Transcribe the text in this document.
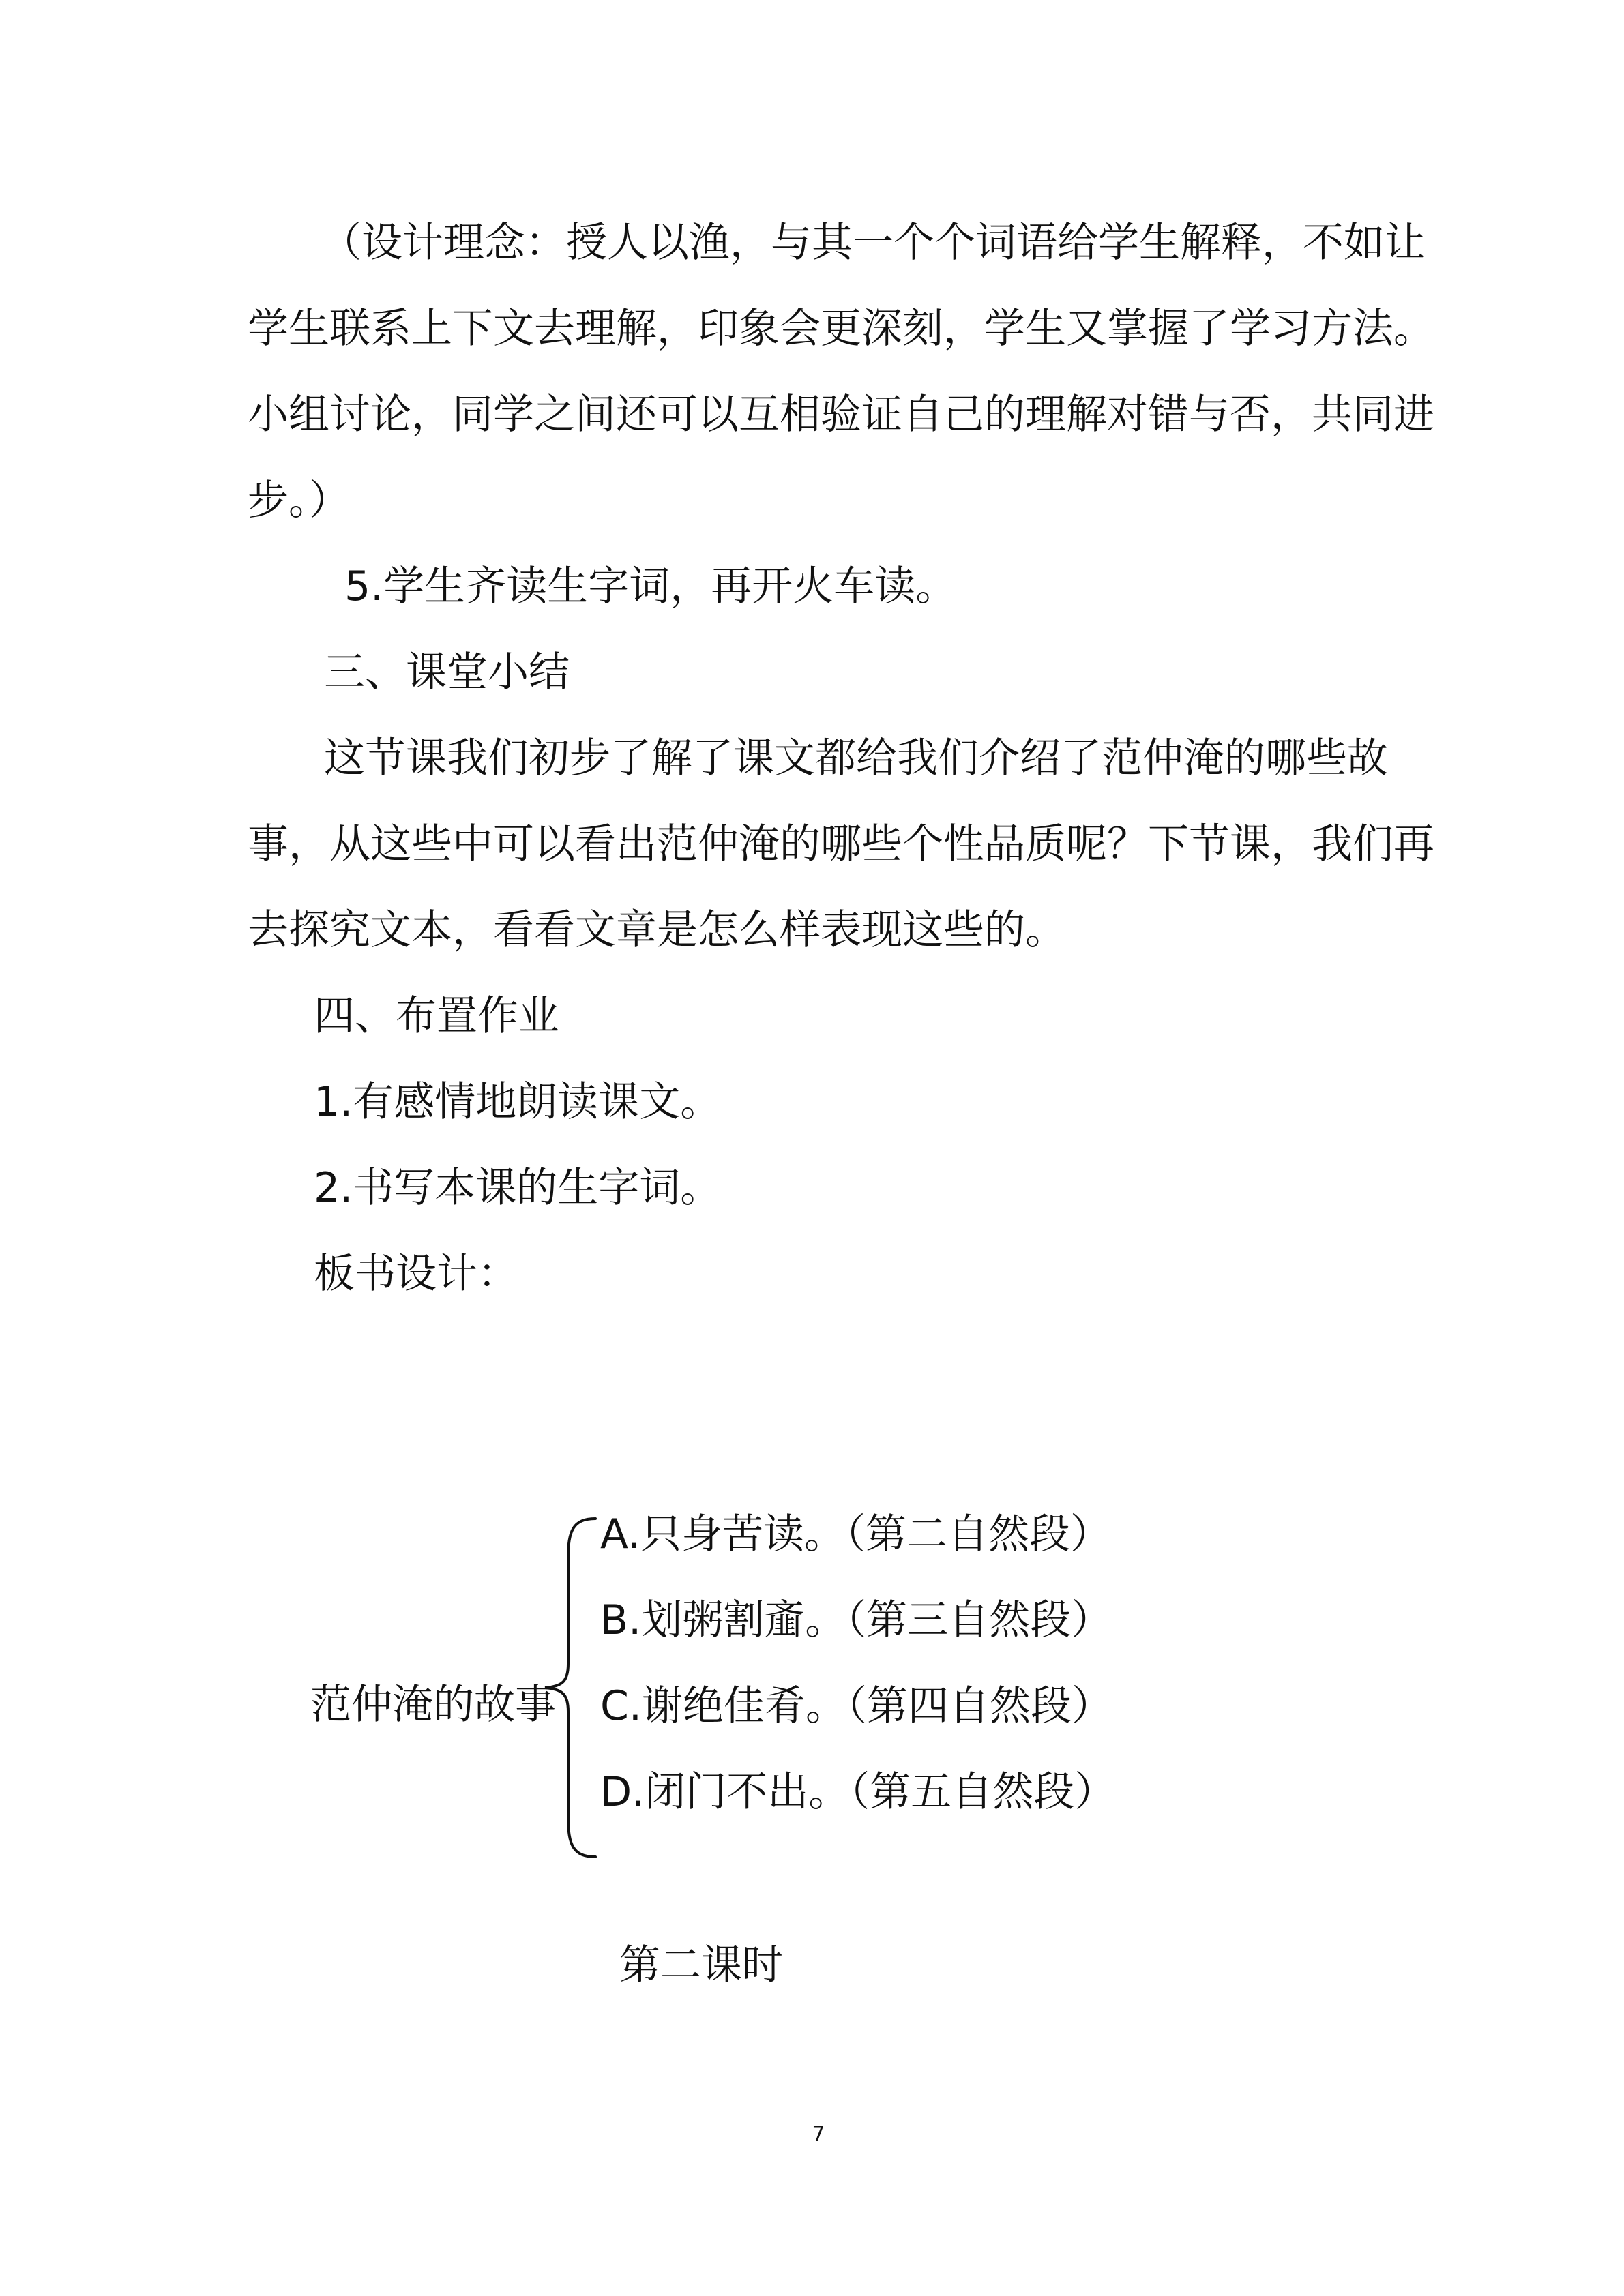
（设计理念：授人以渔，与其一个个词语给学生解释，不如让

学生联系上下文去理解，印象会更深刻，学生又掌握了学习方法。

小组讨论，同学之间还可以互相验证自己的理解对错与否，共同进

步。）

5.学生齐读生字词，再开火车读。

三、课堂小结

这节课我们初步了解了课文都给我们介绍了范仲淹的哪些故

事，从这些中可以看出范仲淹的哪些个性品质呢？下节课，我们再

去探究文本，看看文章是怎么样表现这些的。

四、布置作业

1.有感情地朗读课文。

2.书写本课的生字词。

板书设计：

范仲淹的故事

A.只身苦读。（第二自然段）

B.划粥割齑。（第三自然段）

C.谢绝佳肴。（第四自然段）

D.闭门不出。（第五自然段）

第二课时

7
